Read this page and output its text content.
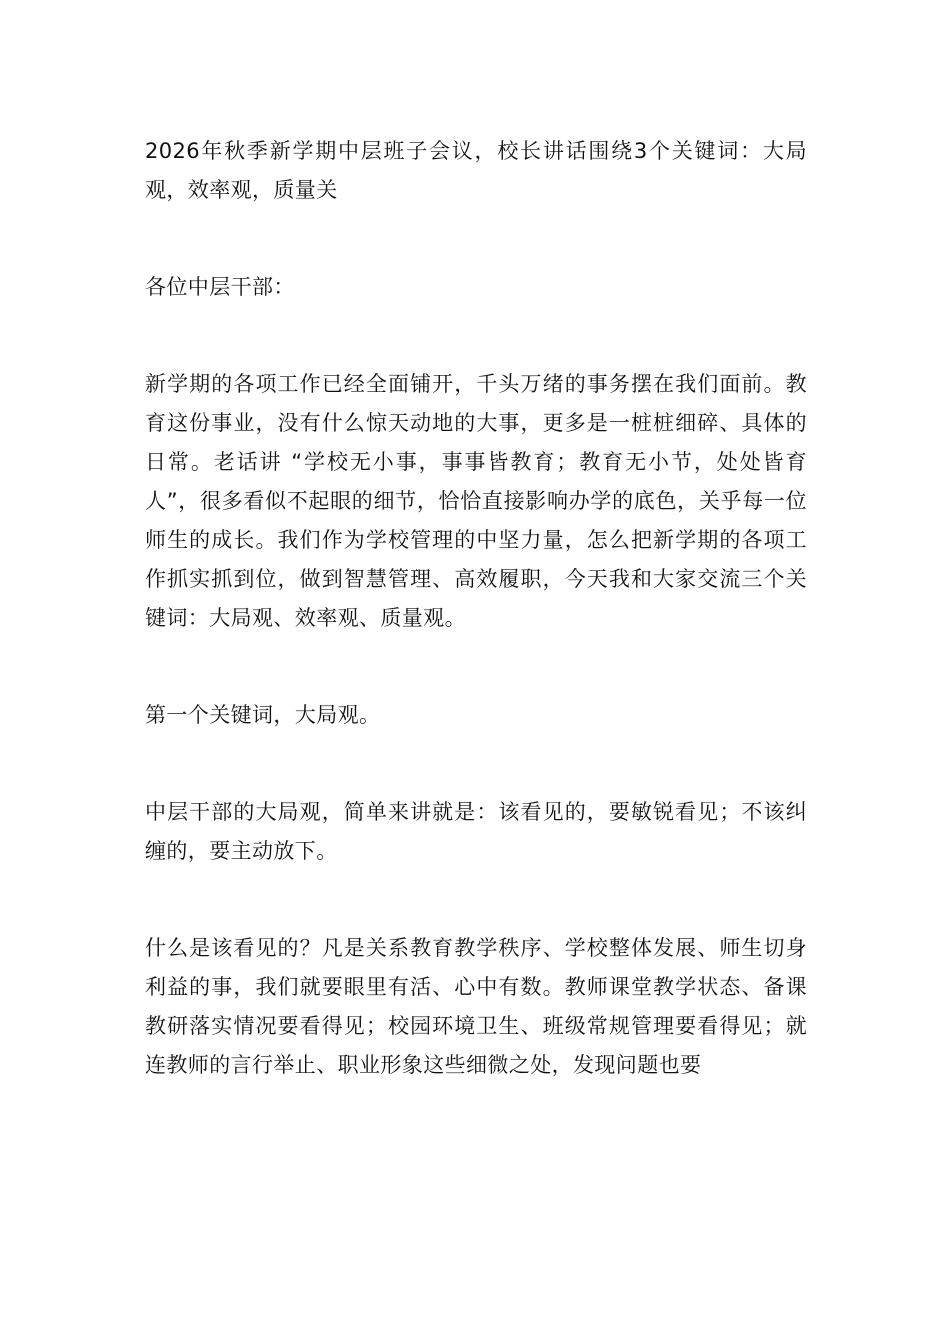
2026年秋季新学期中层班子会议，校长讲话围绕3个关键词：大局观，效率观，质量关

各位中层干部：

新学期的各项工作已经全面铺开，千头万绪的事务摆在我们面前。教育这份事业，没有什么惊天动地的大事，更多是一桩桩细碎、具体的日常。老话讲 “学校无小事，事事皆教育；教育无小节，处处皆育人”，很多看似不起眼的细节，恰恰直接影响办学的底色，关乎每一位师生的成长。我们作为学校管理的中坚力量，怎么把新学期的各项工作抓实抓到位，做到智慧管理、高效履职，今天我和大家交流三个关键词：大局观、效率观、质量观。

第一个关键词，大局观。

中层干部的大局观，简单来讲就是：该看见的，要敏锐看见；不该纠缠的，要主动放下。

什么是该看见的？凡是关系教育教学秩序、学校整体发展、师生切身利益的事，我们就要眼里有活、心中有数。教师课堂教学状态、备课教研落实情况要看得见；校园环境卫生、班级常规管理要看得见；就连教师的言行举止、职业形象这些细微之处，发现问题也要
